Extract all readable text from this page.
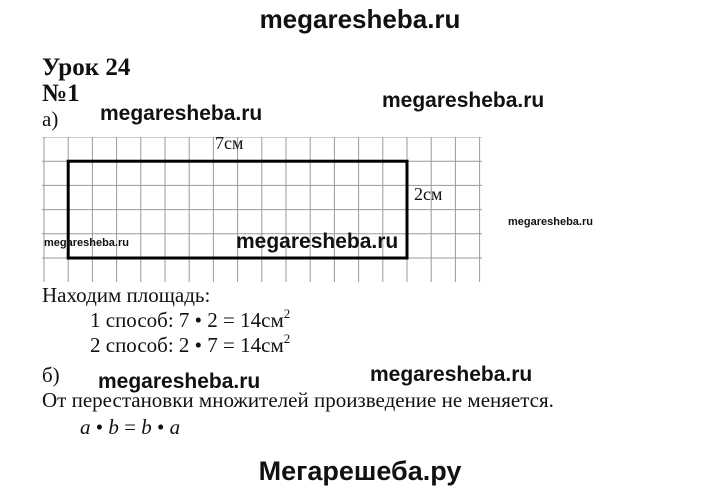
megaresheba.ru
Урок 24
№1
а) megaresheba.ru
megaresheba.ru
7см
2см
megaresheba.ru
megaresheba.ru
megaresheba.ru
Находим площадь:
1 способ: 7 • $2 = 14см^2$
2 способ: 2 • $7 = 14см^2$
б) megaresheba.ru	megaresheba.ru
От перестановки множителей произведение не меняется.
a • b = b • a
Мегарешеба.ру
